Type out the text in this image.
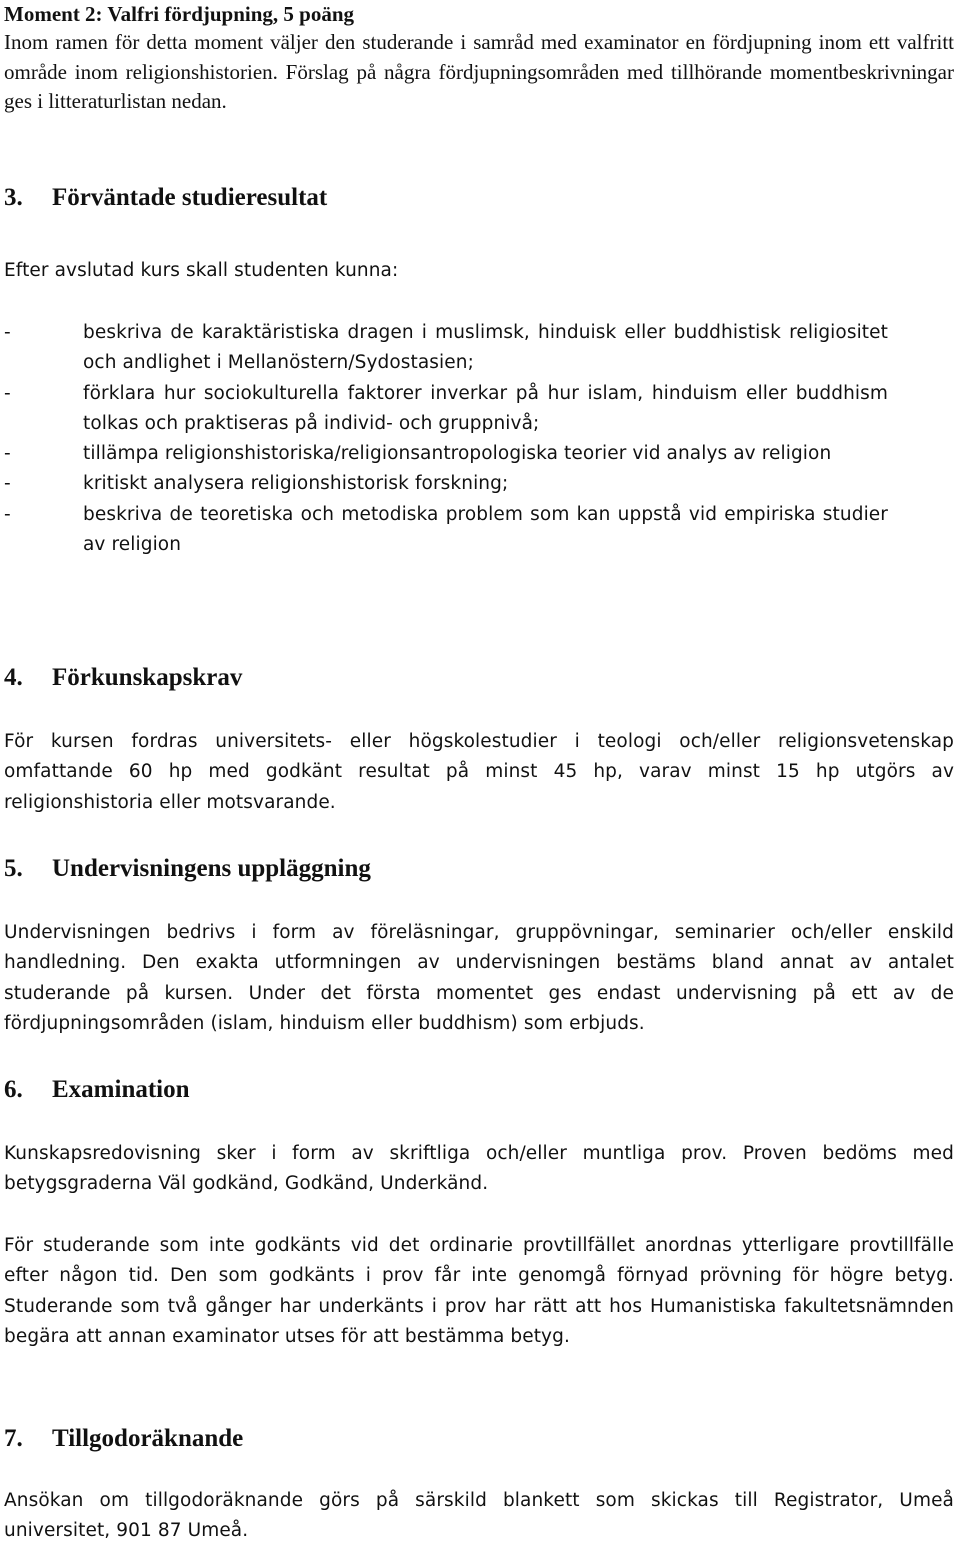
Moment 2: Valfri fördjupning, 5 poäng
Inom ramen för detta moment väljer den studerande i samråd med examinator en fördjupning inom ett valfritt område inom religionshistorien. Förslag på några fördjupningsområden med tillhörande momentbeskrivningar ges i litteraturlistan nedan.
3. Förväntade studieresultat
Efter avslutad kurs skall studenten kunna:
-	beskriva de karaktäristiska dragen i muslimsk, hinduisk eller buddhistisk religiositet och andlighet i Mellanöstern/Sydostasien;
-	förklara hur sociokulturella faktorer inverkar på hur islam, hinduism eller buddhism tolkas och praktiseras på individ- och gruppnivå;
-	tillämpa religionshistoriska/religionsantropologiska teorier vid analys av religion
-	kritiskt analysera religionshistorisk forskning;
-	beskriva de teoretiska och metodiska problem som kan uppstå vid empiriska studier av religion
4. Förkunskapskrav
För kursen fordras universitets- eller högskolestudier i teologi och/eller religionsvetenskap omfattande 60 hp med godkänt resultat på minst 45 hp, varav minst 15 hp utgörs av religionshistoria eller motsvarande.
5. Undervisningens uppläggning
Undervisningen bedrivs i form av föreläsningar, gruppövningar, seminarier och/eller enskild handledning. Den exakta utformningen av undervisningen bestäms bland annat av antalet studerande på kursen. Under det första momentet ges endast undervisning på ett av de fördjupningsområden (islam, hinduism eller buddhism) som erbjuds.
6. Examination
Kunskapsredovisning sker i form av skriftliga och/eller muntliga prov. Proven bedöms med betygsgraderna Väl godkänd, Godkänd, Underkänd.
För studerande som inte godkänts vid det ordinarie provtillfället anordnas ytterligare provtillfälle efter någon tid. Den som godkänts i prov får inte genomgå förnyad prövning för högre betyg. Studerande som två gånger har underkänts i prov har rätt att hos Humanistiska fakultetsnämnden begära att annan examinator utses för att bestämma betyg.
7. Tillgodoräknande
Ansökan om tillgodoräknande görs på särskild blankett som skickas till Registrator, Umeå universitet, 901 87 Umeå.
